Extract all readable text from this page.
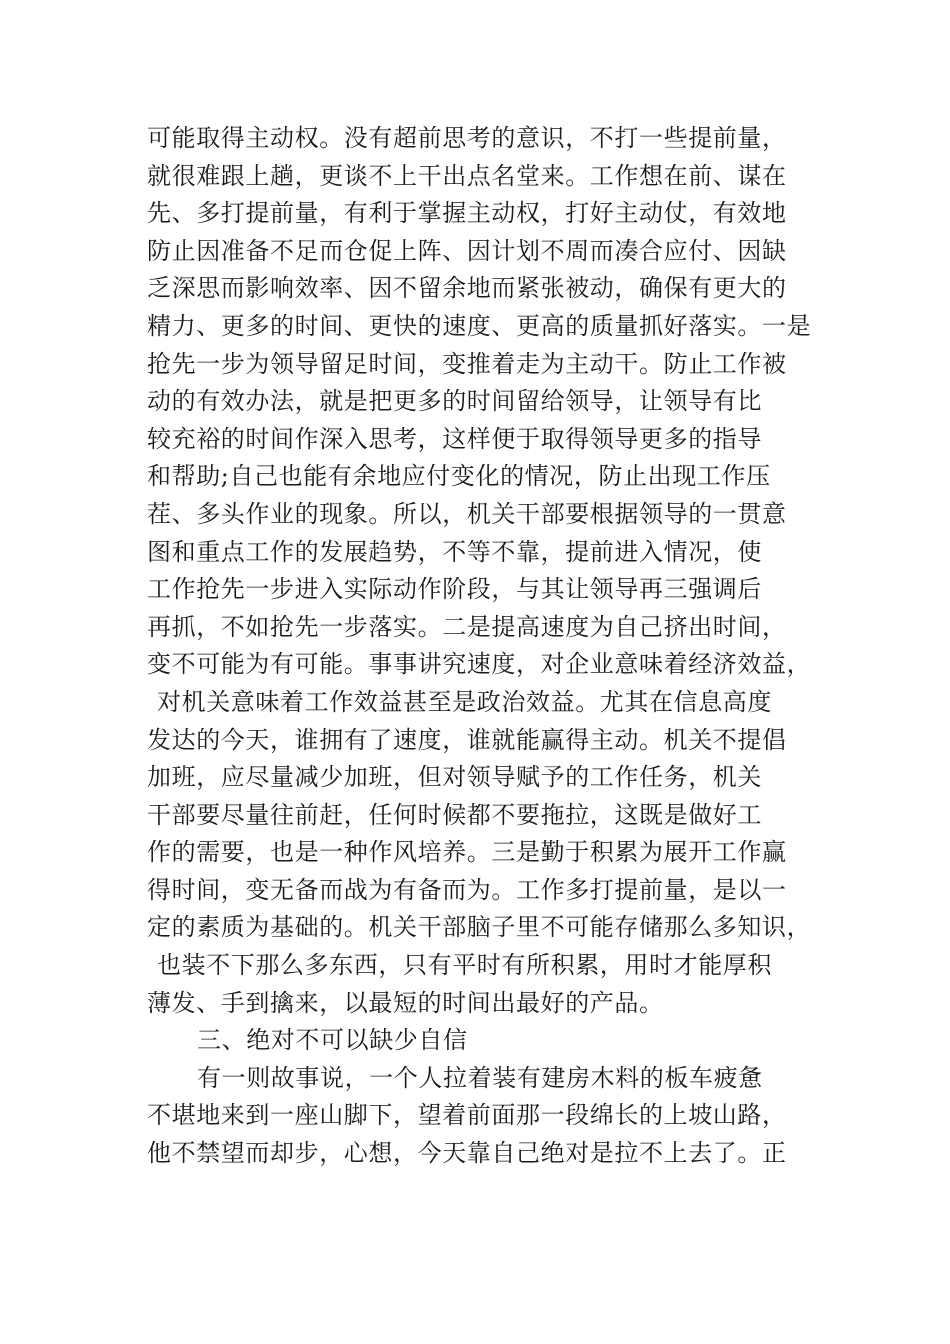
可能取得主动权。没有超前思考的意识，不打一些提前量，
就很难跟上趟，更谈不上干出点名堂来。工作想在前、谋在
先、多打提前量，有利于掌握主动权，打好主动仗，有效地
防止因准备不足而仓促上阵、因计划不周而凑合应付、因缺
乏深思而影响效率、因不留余地而紧张被动，确保有更大的
精力、更多的时间、更快的速度、更高的质量抓好落实。一是
抢先一步为领导留足时间，变推着走为主动干。防止工作被
动的有效办法，就是把更多的时间留给领导，让领导有比
较充裕的时间作深入思考，这样便于取得领导更多的指导
和帮助;自己也能有余地应付变化的情况，防止出现工作压
茬、多头作业的现象。所以，机关干部要根据领导的一贯意
图和重点工作的发展趋势，不等不靠，提前进入情况，使
工作抢先一步进入实际动作阶段，与其让领导再三强调后
再抓，不如抢先一步落实。二是提高速度为自己挤出时间，
变不可能为有可能。事事讲究速度，对企业意味着经济效益，
对机关意味着工作效益甚至是政治效益。尤其在信息高度
发达的今天，谁拥有了速度，谁就能赢得主动。机关不提倡
加班，应尽量减少加班，但对领导赋予的工作任务，机关
干部要尽量往前赶，任何时候都不要拖拉，这既是做好工
作的需要，也是一种作风培养。三是勤于积累为展开工作赢
得时间，变无备而战为有备而为。工作多打提前量，是以一
定的素质为基础的。机关干部脑子里不可能存储那么多知识，
也装不下那么多东西，只有平时有所积累，用时才能厚积
薄发、手到擒来，以最短的时间出最好的产品。
三、绝对不可以缺少自信
有一则故事说，一个人拉着装有建房木料的板车疲惫
不堪地来到一座山脚下，望着前面那一段绵长的上坡山路，
他不禁望而却步，心想，今天靠自己绝对是拉不上去了。正
